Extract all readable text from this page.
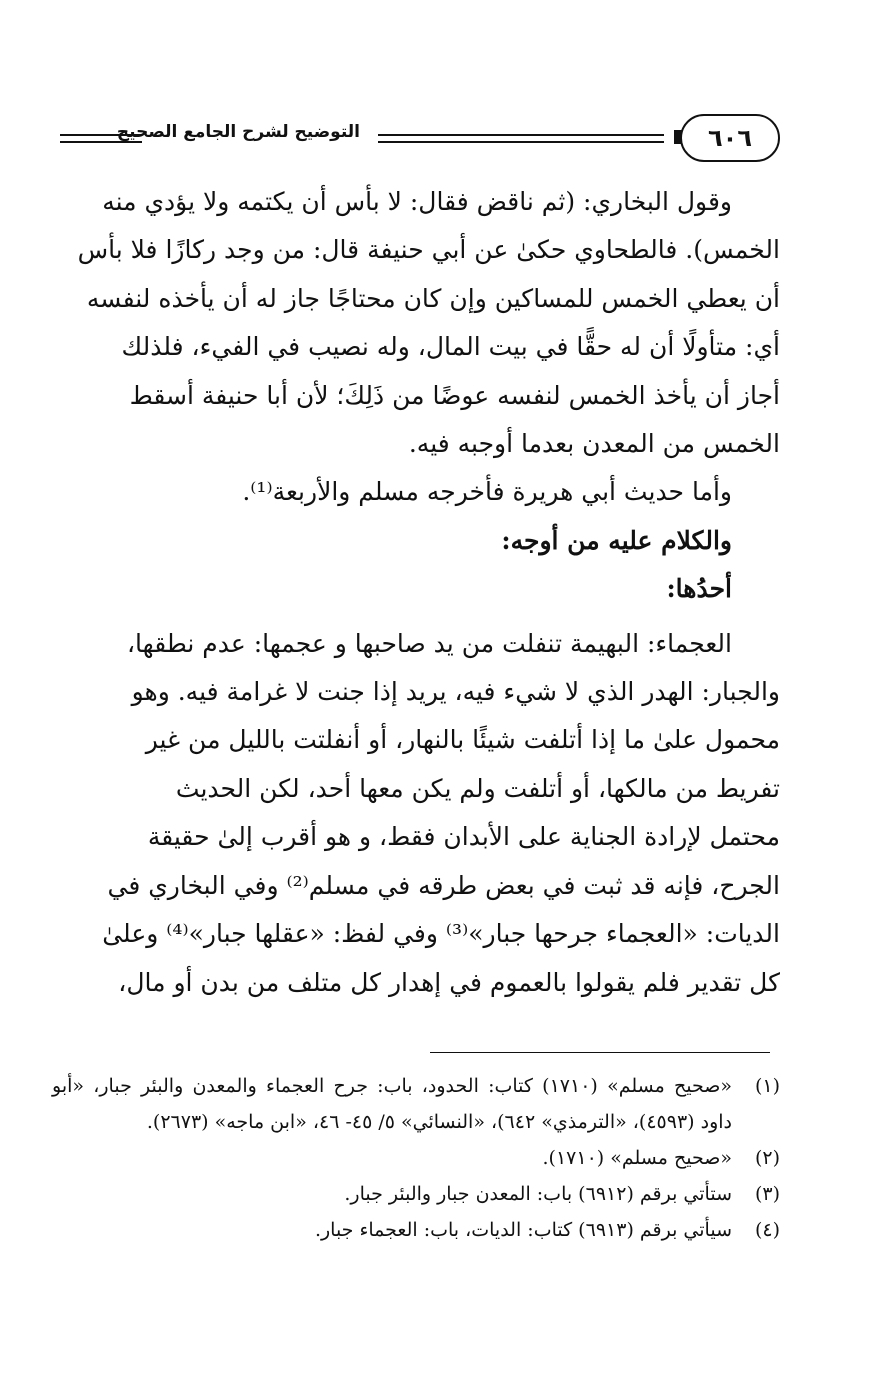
التوضيح لشرح الجامع الصحيح	٦٠٦
وقول البخاري: (ثم ناقض فقال: لا بأس أن يكتمه ولا يؤدي منه
الخمس). فالطحاوي حكىٰ عن أبي حنيفة قال: من وجد ركازًا فلا بأس
أن يعطي الخمس للمساكين وإن كان محتاجًا جاز له أن يأخذه لنفسه
أي: متأولًا أن له حقًّا في بيت المال، وله نصيب في الفيء، فلذلك
أجاز أن يأخذ الخمس لنفسه عوضًا من ذَلِكَ؛ لأن أبا حنيفة أسقط
الخمس من المعدن بعدما أوجبه فيه.
وأما حديث أبي هريرة فأخرجه مسلم والأربعة⁽¹⁾.
والكلام عليه من أوجه:
أحدُها:
العجماء: البهيمة تنفلت من يد صاحبها و عجمها: عدم نطقها،
والجبار: الهدر الذي لا شيء فيه، يريد إذا جنت لا غرامة فيه. وهو
محمول علىٰ ما إذا أتلفت شيئًا بالنهار، أو أنفلتت بالليل من غير
تفريط من مالكها، أو أتلفت ولم يكن معها أحد، لكن الحديث
محتمل لإرادة الجناية على الأبدان فقط، و هو أقرب إلىٰ حقيقة
الجرح، فإنه قد ثبت في بعض طرقه في مسلم⁽²⁾ وفي البخاري في
الديات: «العجماء جرحها جبار»⁽³⁾ وفي لفظ: «عقلها جبار»⁽⁴⁾ وعلىٰ
كل تقدير فلم يقولوا بالعموم في إهدار كل متلف من بدن أو مال،
(١)
«صحيح مسلم» (١٧١٠) كتاب: الحدود، باب: جرح العجماء والمعدن والبئر جبار، «أبو داود (٤٥٩٣)، «الترمذي» ٦٤٢)، «النسائي» ٥/ ٤٥- ٤٦، «ابن ماجه» (٢٦٧٣).
(٢)
«صحيح مسلم» (١٧١٠).
(٣)
ستأتي برقم (٦٩١٢) باب: المعدن جبار والبئر جبار.
(٤)
سيأتي برقم (٦٩١٣) كتاب: الديات، باب: العجماء جبار.
